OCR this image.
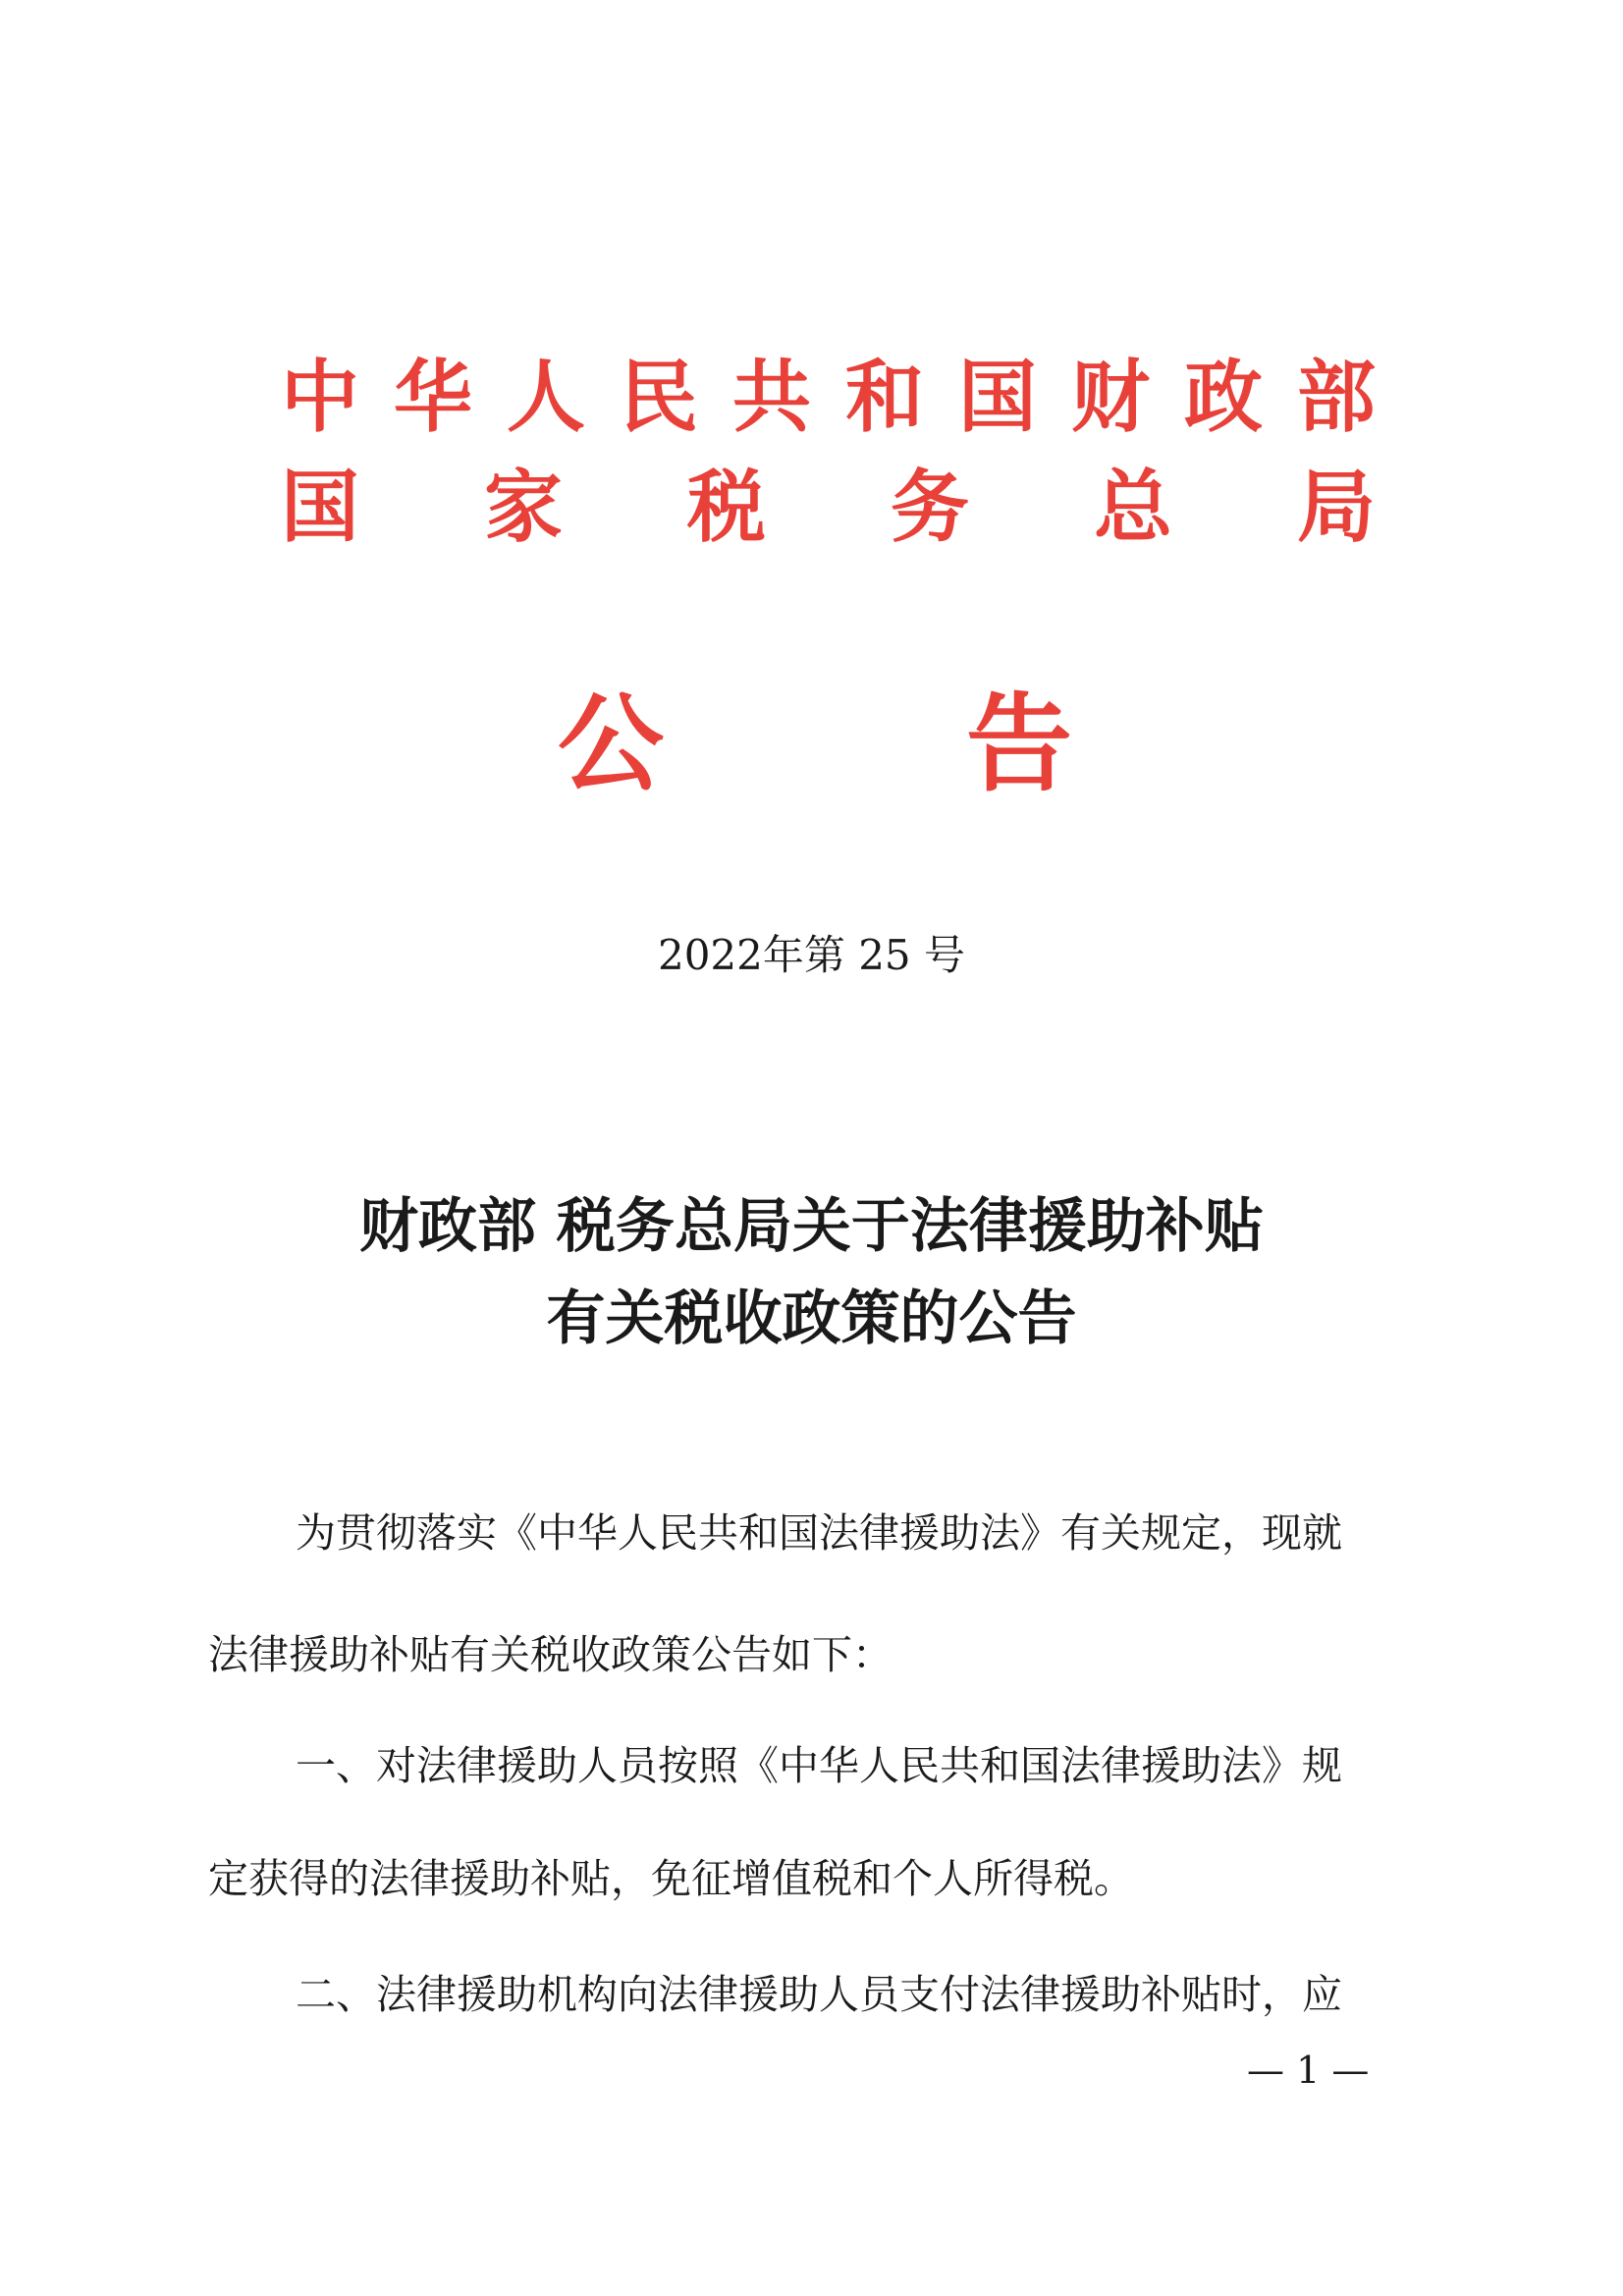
中 华 人 民 共 和 国 财 政 部
国 家 税 务 总 局
公	告
2022年第 25 号
财政部 税务总局关于法律援助补贴
有关税收政策的公告
为贯彻落实《中华人民共和国法律援助法》有关规定，现就
法律援助补贴有关税收政策公告如下：
一、对法律援助人员按照《中华人民共和国法律援助法》规
定获得的法律援助补贴，免征增值税和个人所得税。
二、法律援助机构向法律援助人员支付法律援助补贴时，应
— 1 —
